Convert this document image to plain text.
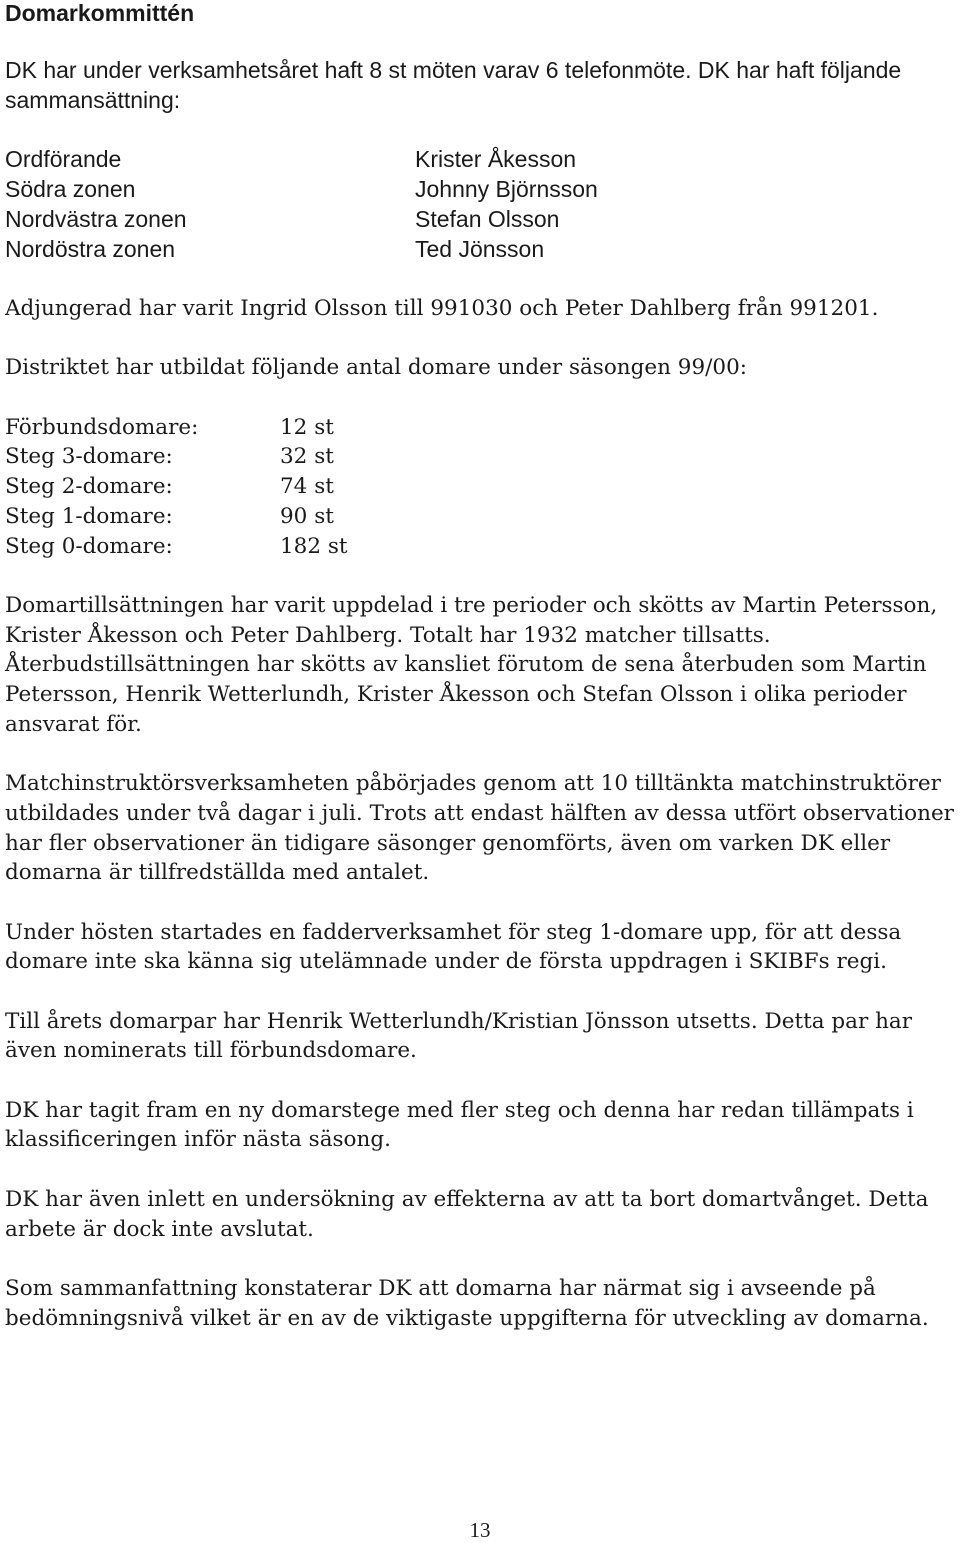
Domarkommittén

DK har under verksamhetsåret haft 8 st möten varav 6 telefonmöte. DK har haft följande sammansättning:

Ordförande	Krister Åkesson
Södra zonen	Johnny Björnsson
Nordvästra zonen	Stefan Olsson
Nordöstra zonen	Ted Jönsson

Adjungerad har varit Ingrid Olsson till 991030 och Peter Dahlberg från 991201.

Distriktet har utbildat följande antal domare under säsongen 99/00:

Förbundsdomare:	12 st
Steg 3-domare:	32 st
Steg 2-domare:	74 st
Steg 1-domare:	90 st
Steg 0-domare:	182 st

Domartillsättningen har varit uppdelad i tre perioder och skötts av Martin Petersson, Krister Åkesson och Peter Dahlberg. Totalt har 1932 matcher tillsatts. Återbudstillsättningen har skötts av kansliet förutom de sena återbuden som Martin Petersson, Henrik Wetterlundh, Krister Åkesson och Stefan Olsson i olika perioder ansvarat för.

Matchinstruktörsverksamheten påbörjades genom att 10 tilltänkta matchinstruktörer utbildades under två dagar i juli. Trots att endast hälften av dessa utfört observationer har fler observationer än tidigare säsonger genomförts, även om varken DK eller domarna är tillfredställda med antalet.

Under hösten startades en fadderverksamhet för steg 1-domare upp, för att dessa domare inte ska känna sig utelämnade under de första uppdragen i SKIBFs regi.

Till årets domarpar har Henrik Wetterlundh/Kristian Jönsson utsetts. Detta par har även nominerats till förbundsdomare.

DK har tagit fram en ny domarstege med fler steg och denna har redan tillämpats i klassificeringen inför nästa säsong.

DK har även inlett en undersökning av effekterna av att ta bort domartvånget. Detta arbete är dock inte avslutat.

Som sammanfattning konstaterar DK att domarna har närmat sig i avseende på bedömningsnivå vilket är en av de viktigaste uppgifterna för utveckling av domarna.

13
